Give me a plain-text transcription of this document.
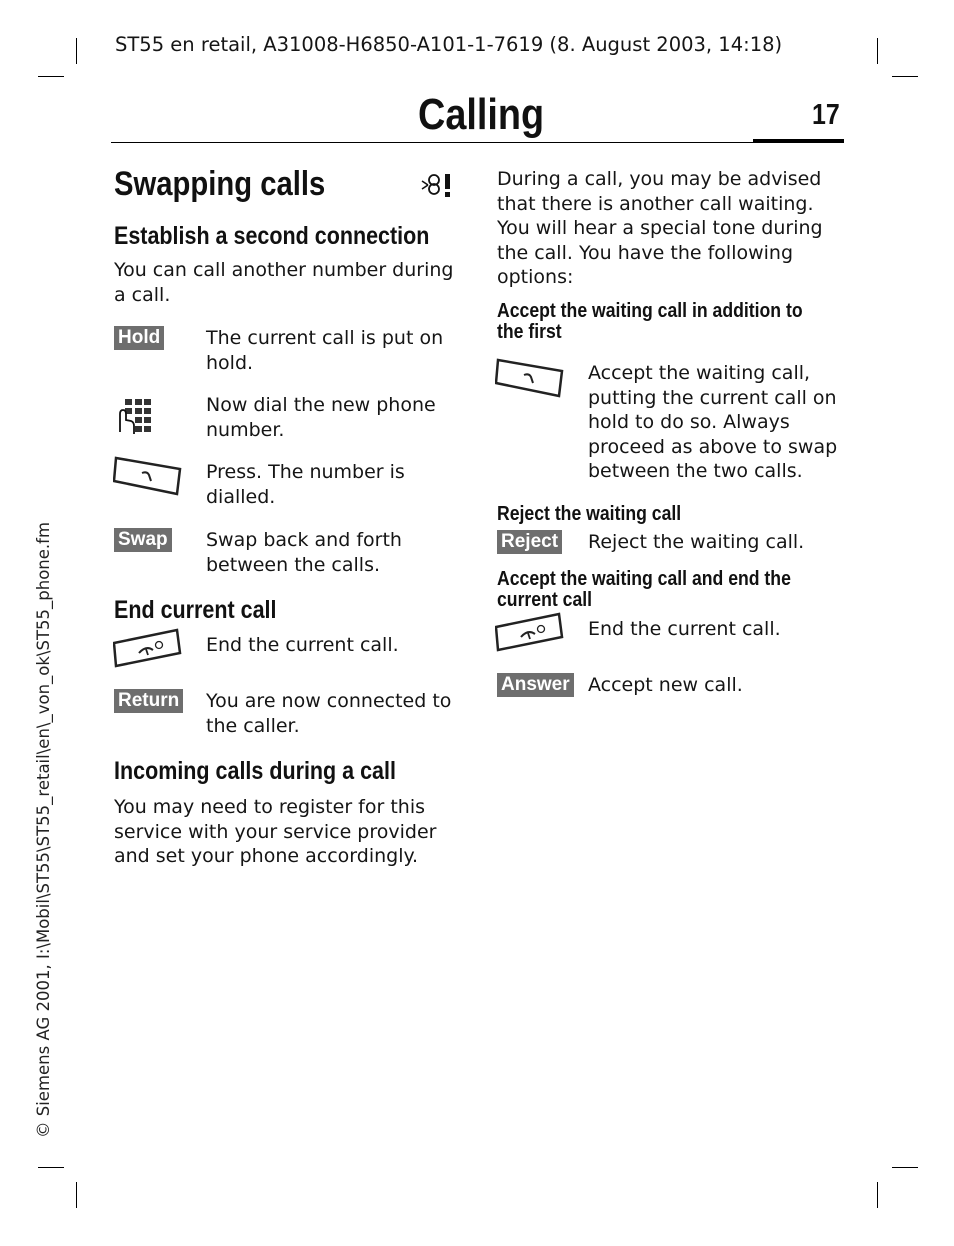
ST55 en retail, A31008-H6850-A101-1-7619 (8. August 2003, 14:18)
Calling	17
© Siemens AG 2001, I:\Mobil\ST55\ST55_retail\en\_von_ok\ST55_phone.fm
Swapping calls
Establish a second connection
You can call another number during a call.
Hold The current call is put on hold.
Now dial the new phone number.
Press. The number is dialled.
Swap Swap back and forth between the calls.
End current call
End the current call.
Return You are now connected to the caller.
Incoming calls during a call
You may need to register for this service with your service provider and set your phone accordingly.
During a call, you may be advised that there is another call waiting. You will hear a special tone during the call. You have the following options:
Accept the waiting call in addition to the first
Accept the waiting call, putting the current call on hold to do so. Always proceed as above to swap between the two calls.
Reject the waiting call
Reject Reject the waiting call.
Accept the waiting call and end the current call
End the current call.
Answer Accept new call.
